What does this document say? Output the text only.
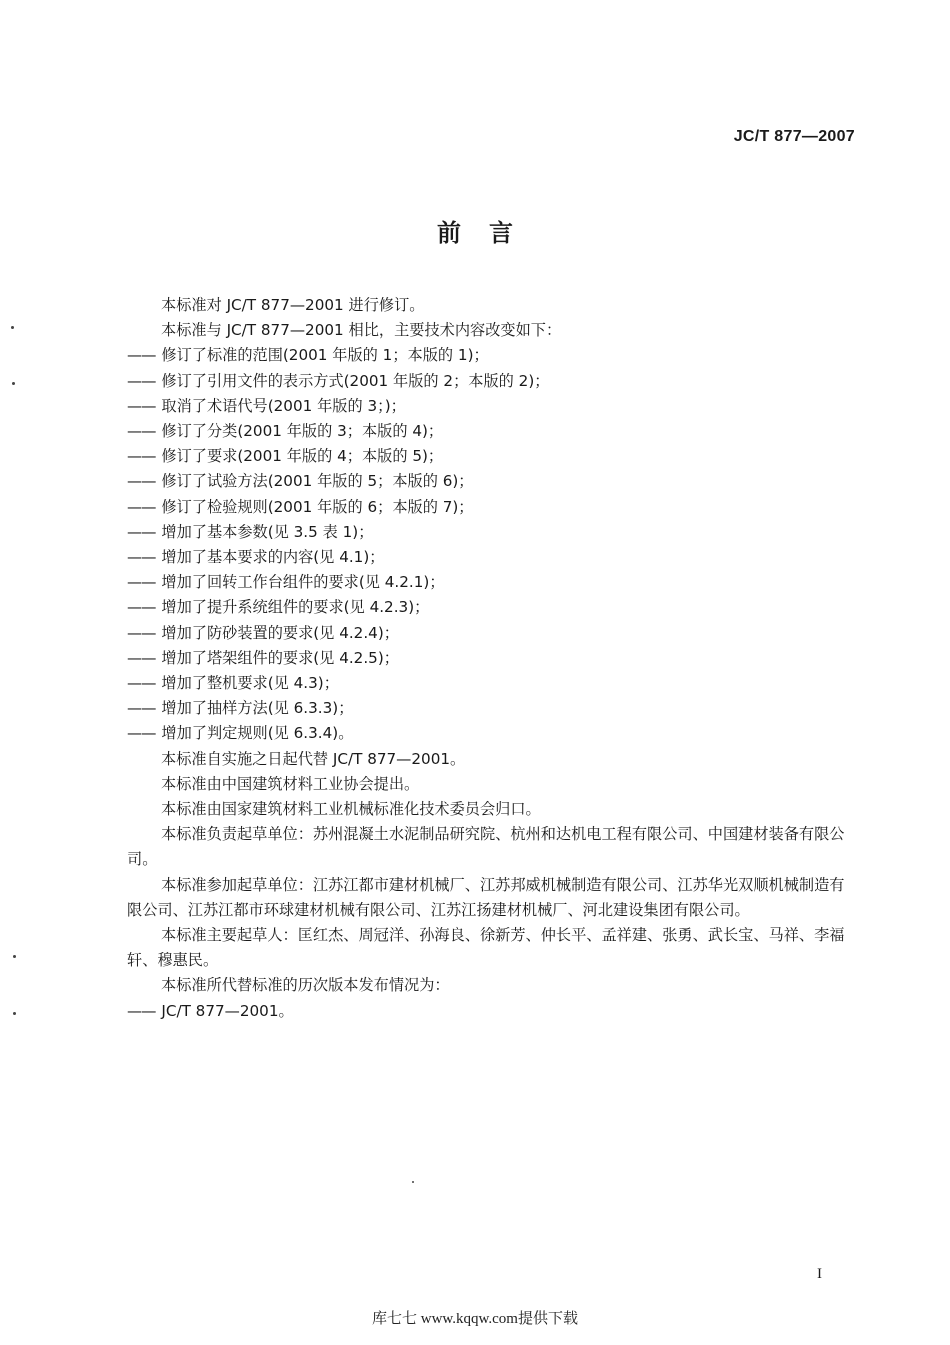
JC/T 877—2007
前言

本标准对 JC/T 877—2001 进行修订。

本标准与 JC/T 877—2001 相比，主要技术内容改变如下：

—— 修订了标准的范围(2001 年版的 1；本版的 1)；

—— 修订了引用文件的表示方式(2001 年版的 2；本版的 2)；

—— 取消了术语代号(2001 年版的 3；)；

—— 修订了分类(2001 年版的 3；本版的 4)；

—— 修订了要求(2001 年版的 4；本版的 5)；

—— 修订了试验方法(2001 年版的 5；本版的 6)；

—— 修订了检验规则(2001 年版的 6；本版的 7)；

—— 增加了基本参数(见 3.5 表 1)；

—— 增加了基本要求的内容(见 4.1)；

—— 增加了回转工作台组件的要求(见 4.2.1)；

—— 增加了提升系统组件的要求(见 4.2.3)；

—— 增加了防砂装置的要求(见 4.2.4)；

—— 增加了塔架组件的要求(见 4.2.5)；

—— 增加了整机要求(见 4.3)；

—— 增加了抽样方法(见 6.3.3)；

—— 增加了判定规则(见 6.3.4)。

本标准自实施之日起代替 JC/T 877—2001。

本标准由中国建筑材料工业协会提出。

本标准由国家建筑材料工业机械标准化技术委员会归口。

本标准负责起草单位：苏州混凝土水泥制品研究院、杭州和达机电工程有限公司、中国建材装备有限公司。

本标准参加起草单位：江苏江都市建材机械厂、江苏邦威机械制造有限公司、江苏华光双顺机械制造有限公司、江苏江都市环球建材机械有限公司、江苏江扬建材机械厂、河北建设集团有限公司。

本标准主要起草人：匡红杰、周冠洋、孙海良、徐新芳、仲长平、孟祥建、张勇、武长宝、马祥、李福轩、穆惠民。

本标准所代替标准的历次版本发布情况为：

—— JC/T 877—2001。

I
库七七 www.kqqw.com提供下载
